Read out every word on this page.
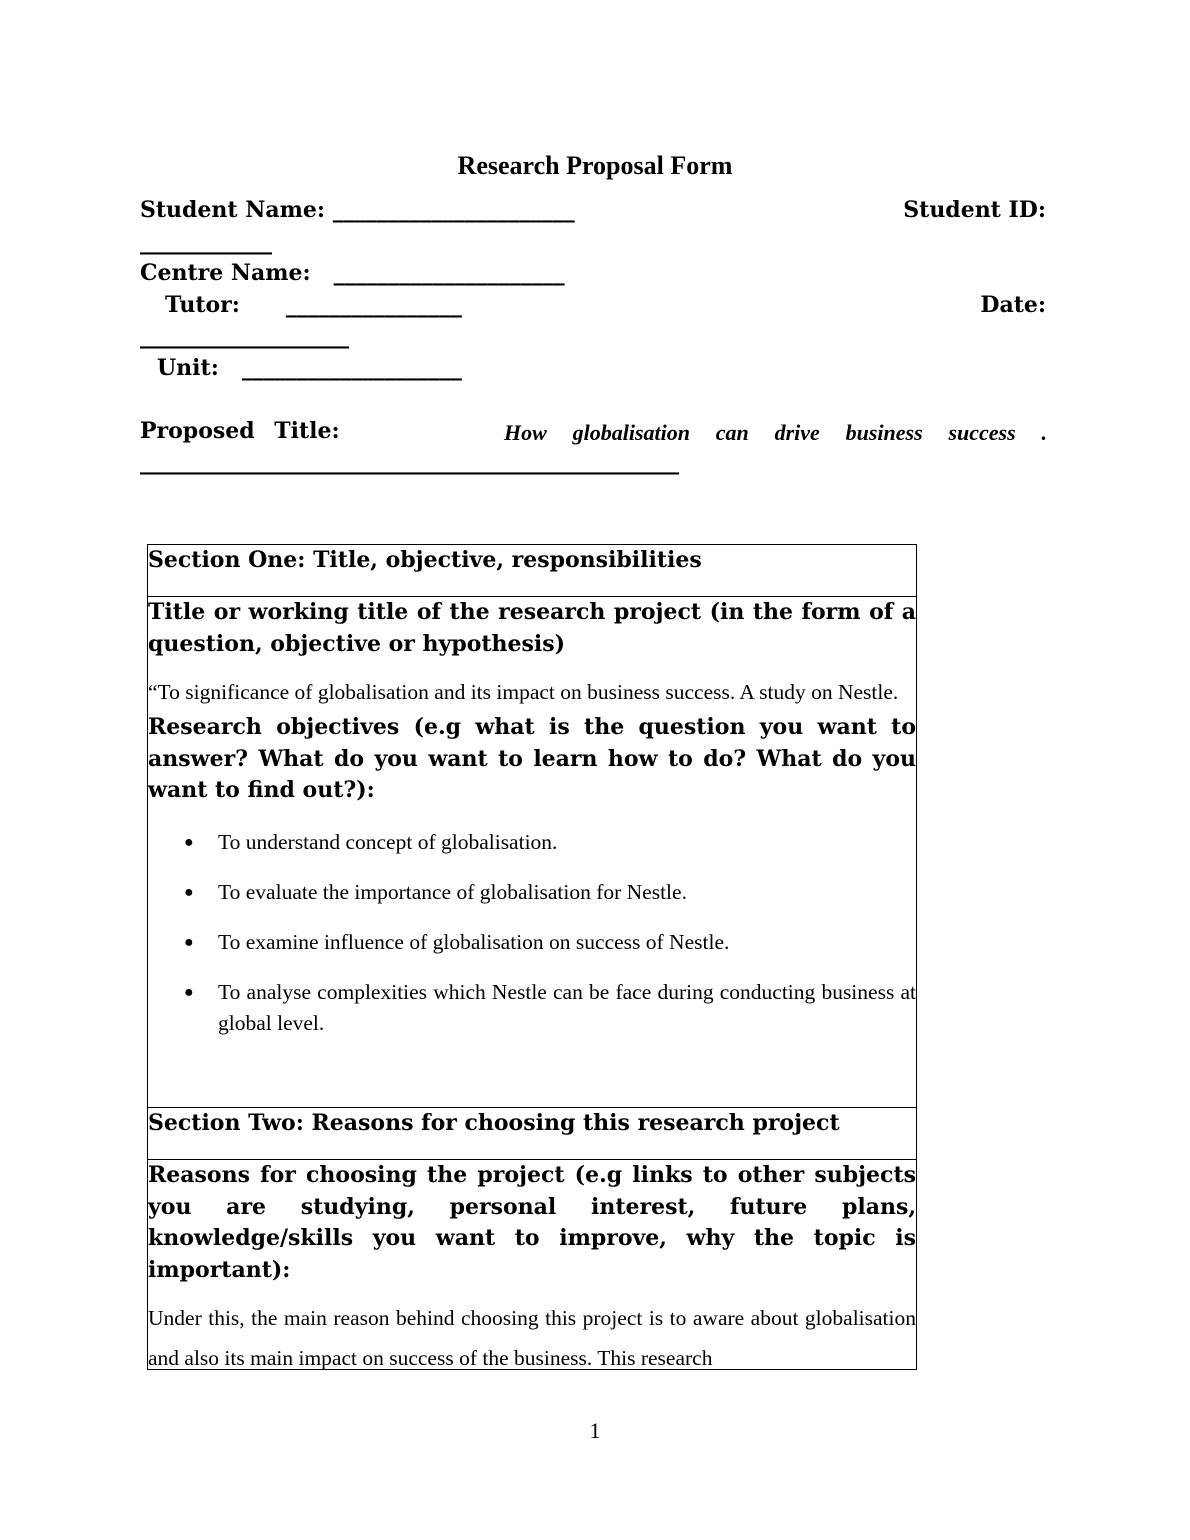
Research Proposal Form
Student Name: ______________________	Student ID:
____________
Centre Name: _____________________
Tutor: ________________	Date:
___________________
Unit: ____________________
Proposed Title:	How globalisation can drive business success .
_________________________________________________
Section One: Title, objective, responsibilities
Title or working title of the research project (in the form of a question, objective or hypothesis)
“To significance of globalisation and its impact on business success. A study on Nestle.
Research objectives (e.g what is the question you want to answer? What do you want to learn how to do? What do you want to find out?):
● To understand concept of globalisation.
● To evaluate the importance of globalisation for Nestle.
● To examine influence of globalisation on success of Nestle.
● To analyse complexities which Nestle can be face during conducting business at global level.
Section Two: Reasons for choosing this research project
Reasons for choosing the project (e.g links to other subjects you are studying, personal interest, future plans, knowledge/skills you want to improve, why the topic is important):
Under this, the main reason behind choosing this project is to aware about globalisation and also its main impact on success of the business. This research
1
